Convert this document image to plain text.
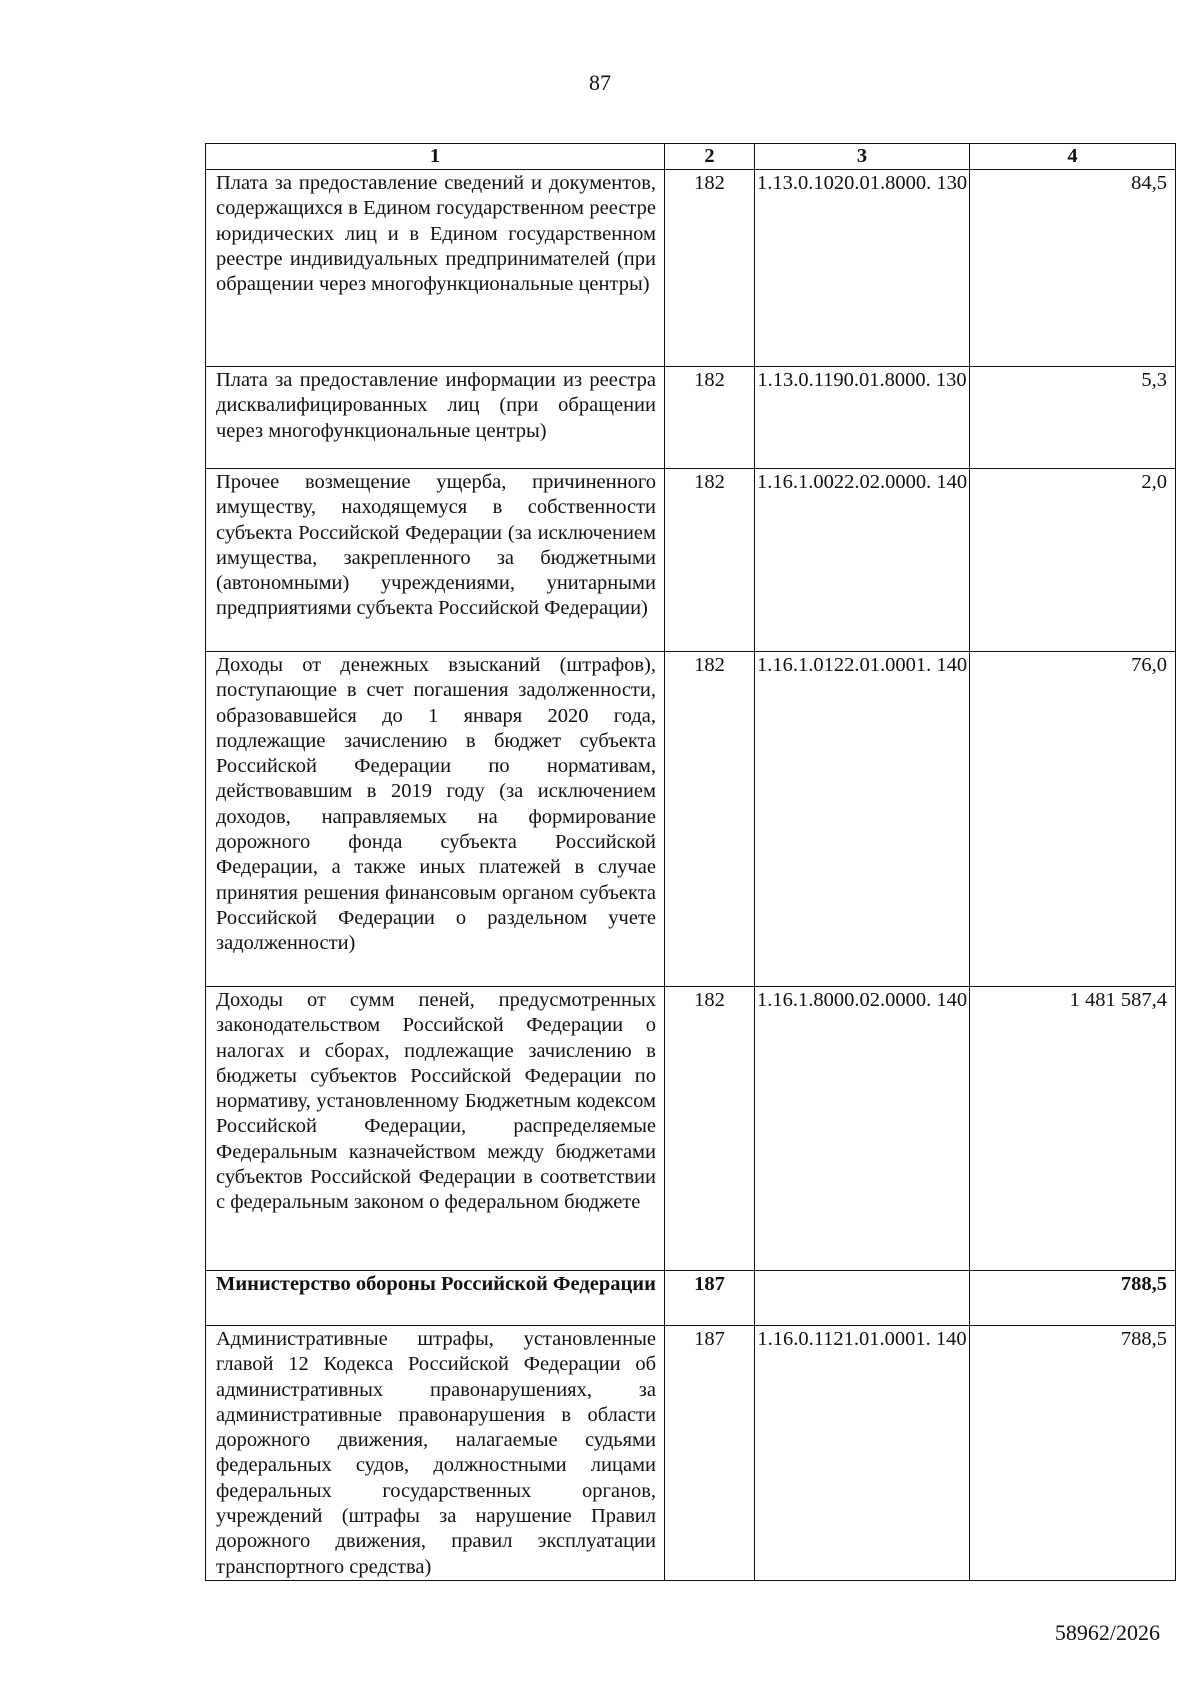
87
1	2	3	4
Плата за предоставление сведений и документов, содержащихся в Едином государственном реестре юридических лиц и в Едином государственном реестре индивидуальных предпринимателей (при обращении через многофункциональные центры)	182	1.13.0.1020.01.8000. 130	84,5
Плата за предоставление информации из реестра дисквалифицированных лиц (при обращении через многофункциональные центры)	182	1.13.0.1190.01.8000. 130	5,3
Прочее возмещение ущерба, причиненного имуществу, находящемуся в собственности субъекта Российской Федерации (за исключением имущества, закрепленного за бюджетными (автономными) учреждениями, унитарными предприятиями субъекта Российской Федерации)	182	1.16.1.0022.02.0000. 140	2,0
Доходы от денежных взысканий (штрафов), поступающие в счет погашения задолженности, образовавшейся до 1 января 2020 года, подлежащие зачислению в бюджет субъекта Российской Федерации по нормативам, действовавшим в 2019 году (за исключением доходов, направляемых на формирование дорожного фонда субъекта Российской Федерации, а также иных платежей в случае принятия решения финансовым органом субъекта Российской Федерации о раздельном учете задолженности)	182	1.16.1.0122.01.0001. 140	76,0
Доходы от сумм пеней, предусмотренных законодательством Российской Федерации о налогах и сборах, подлежащие зачислению в бюджеты субъектов Российской Федерации по нормативу, установленному Бюджетным кодексом Российской Федерации, распределяемые Федеральным казначейством между бюджетами субъектов Российской Федерации в соответствии с федеральным законом о федеральном бюджете	182	1.16.1.8000.02.0000. 140	1 481 587,4
Министерство обороны Российской Федерации	187		788,5
Административные штрафы, установленные главой 12 Кодекса Российской Федерации об административных правонарушениях, за административные правонарушения в области дорожного движения, налагаемые судьями федеральных судов, должностными лицами федеральных государственных органов, учреждений (штрафы за нарушение Правил дорожного движения, правил эксплуатации транспортного средства)	187	1.16.0.1121.01.0001. 140	788,5
58962/2026
